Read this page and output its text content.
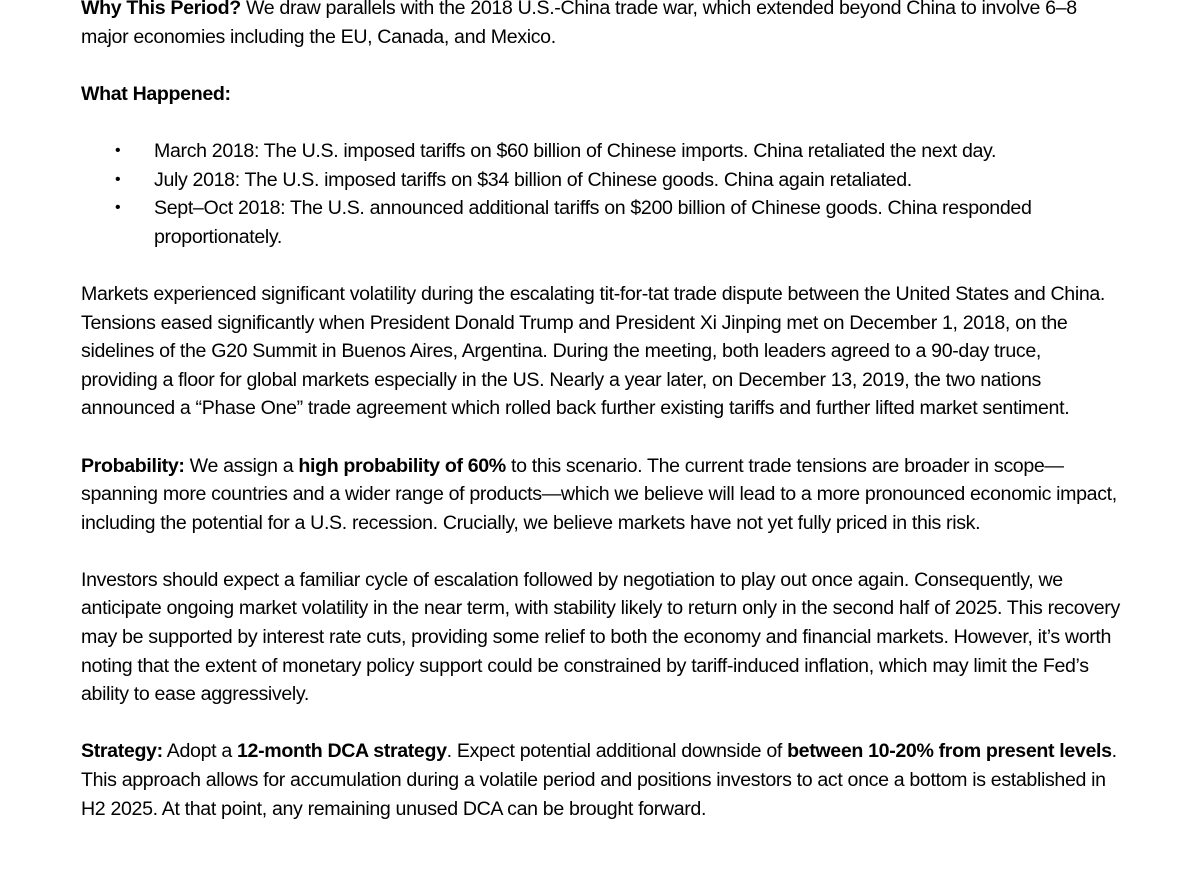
Why This Period? We draw parallels with the 2018 U.S.-China trade war, which extended beyond China to involve 6–8 major economies including the EU, Canada, and Mexico.

What Happened:

• March 2018: The U.S. imposed tariffs on $60 billion of Chinese imports. China retaliated the next day.
• July 2018: The U.S. imposed tariffs on $34 billion of Chinese goods. China again retaliated.
• Sept–Oct 2018: The U.S. announced additional tariffs on $200 billion of Chinese goods. China responded proportionately.

Markets experienced significant volatility during the escalating tit-for-tat trade dispute between the United States and China. Tensions eased significantly when President Donald Trump and President Xi Jinping met on December 1, 2018, on the sidelines of the G20 Summit in Buenos Aires, Argentina. During the meeting, both leaders agreed to a 90-day truce, providing a floor for global markets especially in the US. Nearly a year later, on December 13, 2019, the two nations announced a “Phase One” trade agreement which rolled back further existing tariffs and further lifted market sentiment.

Probability: We assign a high probability of 60% to this scenario. The current trade tensions are broader in scope—spanning more countries and a wider range of products—which we believe will lead to a more pronounced economic impact, including the potential for a U.S. recession. Crucially, we believe markets have not yet fully priced in this risk.

Investors should expect a familiar cycle of escalation followed by negotiation to play out once again. Consequently, we anticipate ongoing market volatility in the near term, with stability likely to return only in the second half of 2025. This recovery may be supported by interest rate cuts, providing some relief to both the economy and financial markets. However, it’s worth noting that the extent of monetary policy support could be constrained by tariff-induced inflation, which may limit the Fed’s ability to ease aggressively.

Strategy: Adopt a 12-month DCA strategy. Expect potential additional downside of between 10-20% from present levels. This approach allows for accumulation during a volatile period and positions investors to act once a bottom is established in H2 2025. At that point, any remaining unused DCA can be brought forward.
